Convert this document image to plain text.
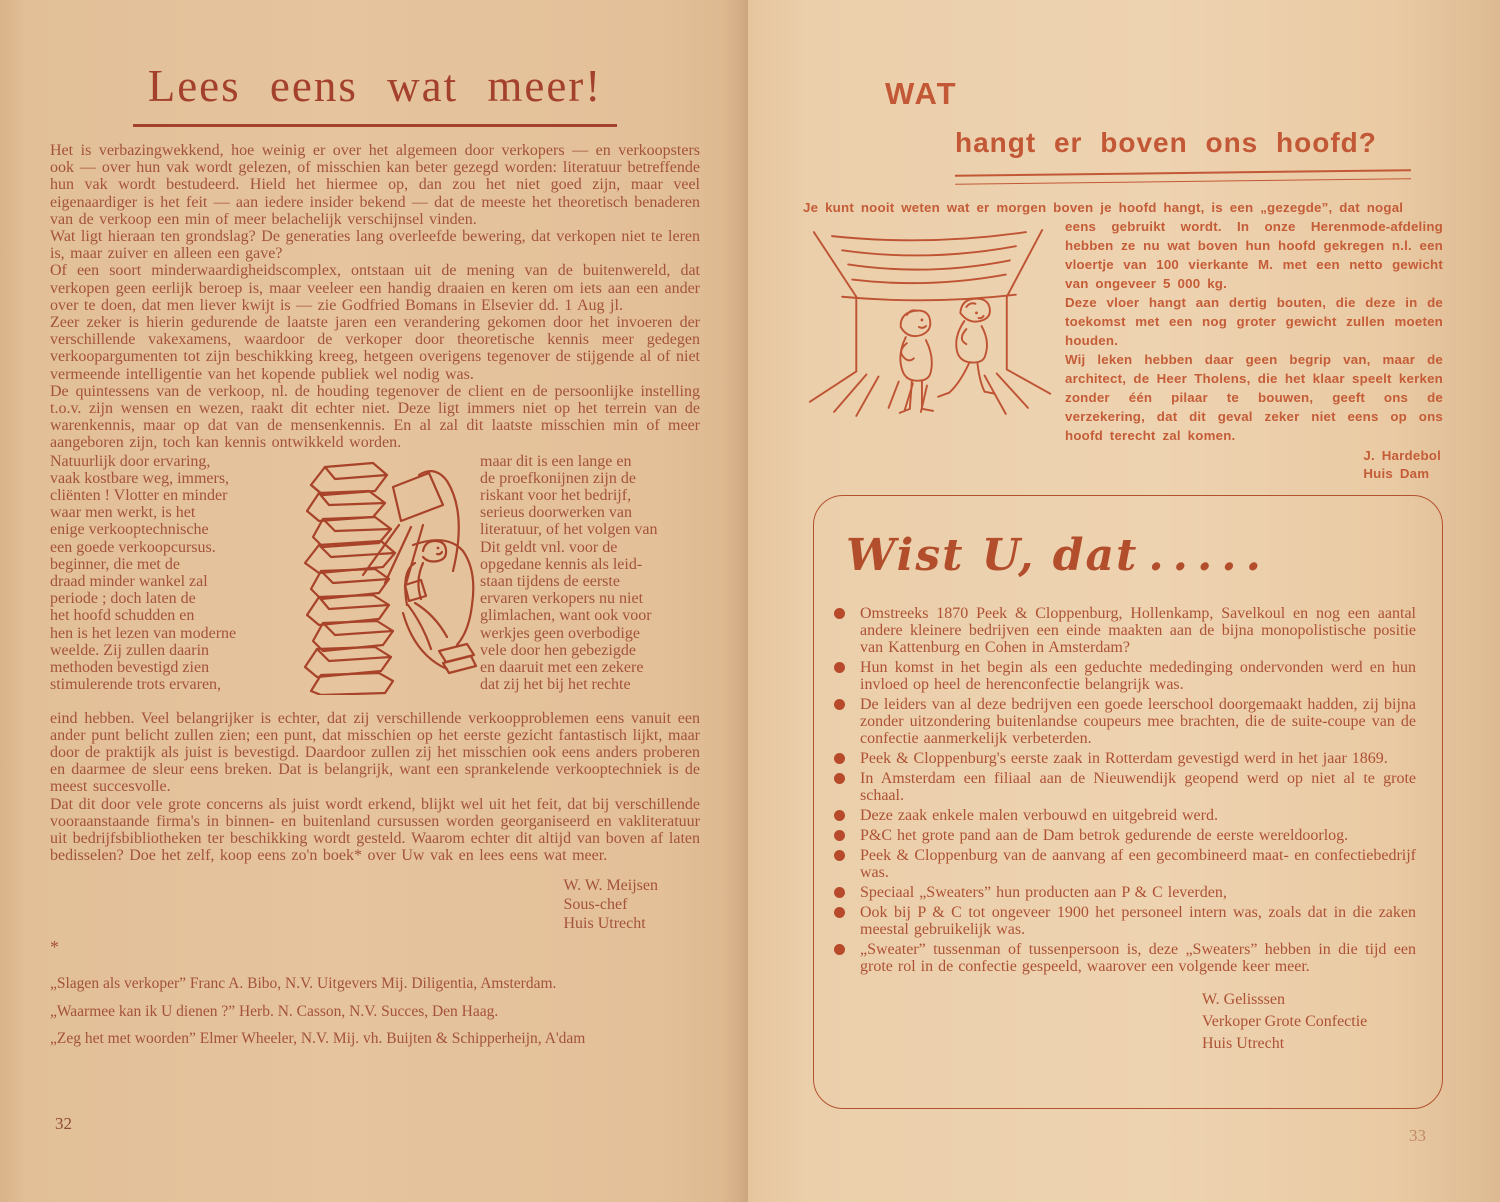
Lees eens wat meer!
Het is verbazingwekkend, hoe weinig er over het algemeen door verkopers — en verkoopsters ook — over hun vak wordt gelezen, of misschien kan beter gezegd worden: literatuur betreffende hun vak wordt bestudeerd. Hield het hiermee op, dan zou het niet goed zijn, maar veel eigenaardiger is het feit — aan iedere insider bekend — dat de meeste het theoretisch benaderen van de verkoop een min of meer belachelijk verschijnsel vinden.
Wat ligt hieraan ten grondslag? De generaties lang overleefde bewering, dat verkopen niet te leren is, maar zuiver en alleen een gave?
Of een soort minderwaardigheidscomplex, ontstaan uit de mening van de buitenwereld, dat verkopen geen eerlijk beroep is, maar veeleer een handig draaien en keren om iets aan een ander over te doen, dat men liever kwijt is — zie Godfried Bomans in Elsevier dd. 1 Aug jl.
Zeer zeker is hierin gedurende de laatste jaren een verandering gekomen door het invoeren der verschillende vakexamens, waardoor de verkoper door theoretische kennis meer gedegen verkoopargumenten tot zijn beschikking kreeg, hetgeen overigens tegenover de stijgende al of niet vermeende intelligentie van het kopende publiek wel nodig was.
De quintessens van de verkoop, nl. de houding tegenover de client en de persoonlijke instelling t.o.v. zijn wensen en wezen, raakt dit echter niet. Deze ligt immers niet op het terrein van de warenkennis, maar op dat van de mensenkennis. En al zal dit laatste misschien min of meer aangeboren zijn, toch kan kennis ontwikkeld worden.
Natuurlijk door ervaring,
vaak kostbare weg, immers,
cliënten ! Vlotter en minder
waar men werkt, is het
enige verkooptechnische
een goede verkoopcursus.
beginner, die met de
draad minder wankel zal
periode ; doch laten de
het hoofd schudden en
hen is het lezen van moderne
weelde. Zij zullen daarin
methoden bevestigd zien
stimulerende trots ervaren,
maar dit is een lange en
de proefkonijnen zijn de
riskant voor het bedrijf,
serieus doorwerken van
literatuur, of het volgen van
Dit geldt vnl. voor de
opgedane kennis als leid-
staan tijdens de eerste
ervaren verkopers nu niet
glimlachen, want ook voor
werkjes geen overbodige
vele door hen gebezigde
en daaruit met een zekere
dat zij het bij het rechte
eind hebben. Veel belangrijker is echter, dat zij verschillende verkoopproblemen eens vanuit een ander punt belicht zullen zien; een punt, dat misschien op het eerste gezicht fantastisch lijkt, maar door de praktijk als juist is bevestigd. Daardoor zullen zij het misschien ook eens anders proberen en daarmee de sleur eens breken. Dat is belangrijk, want een sprankelende verkooptechniek is de meest succesvolle.
Dat dit door vele grote concerns als juist wordt erkend, blijkt wel uit het feit, dat bij verschillende vooraanstaande firma's in binnen- en buitenland cursussen worden georganiseerd en vakliteratuur uit bedrijfsbibliotheken ter beschikking wordt gesteld. Waarom echter dit altijd van boven af laten bedisselen? Doe het zelf, koop eens zo'n boek* over Uw vak en lees eens wat meer.
W. W. Meijsen
Sous-chef
Huis Utrecht
*
„Slagen als verkoper” Franc A. Bibo, N.V. Uitgevers Mij. Diligentia, Amsterdam.
„Waarmee kan ik U dienen ?” Herb. N. Casson, N.V. Succes, Den Haag.
„Zeg het met woorden” Elmer Wheeler, N.V. Mij. vh. Buijten & Schipperheijn, A'dam
32
WAT
hangt er boven ons hoofd?
Je kunt nooit weten wat er morgen boven je hoofd hangt, is een „gezegde”, dat nogal

eens gebruikt wordt. In onze Herenmode-afdeling hebben ze nu wat boven hun hoofd gekregen n.l. een vloertje van 100 vierkante M. met een netto gewicht van ongeveer 5 000 kg.

Deze vloer hangt aan dertig bouten, die deze in de toekomst met een nog groter gewicht zullen moeten houden.

Wij leken hebben daar geen begrip van, maar de architect, de Heer Tholens, die het klaar speelt kerken zonder één pilaar te bouwen, geeft ons de verzekering, dat dit geval zeker niet eens op ons hoofd terecht zal komen.

J. Hardebol
Huis Dam
Wist U, dat .....
Omstreeks 1870 Peek & Cloppenburg, Hollenkamp, Savelkoul en nog een aantal andere kleinere bedrijven een einde maakten aan de bijna monopolistische positie van Kattenburg en Cohen in Amsterdam?
Hun komst in het begin als een geduchte mededinging ondervonden werd en hun invloed op heel de herenconfectie belangrijk was.
De leiders van al deze bedrijven een goede leerschool doorgemaakt hadden, zij bijna zonder uitzondering buitenlandse coupeurs mee brachten, die de suite-coupe van de confectie aanmerkelijk verbeterden.
Peek & Cloppenburg's eerste zaak in Rotterdam gevestigd werd in het jaar 1869.
In Amsterdam een filiaal aan de Nieuwendijk geopend werd op niet al te grote schaal.
Deze zaak enkele malen verbouwd en uitgebreid werd.
P&C het grote pand aan de Dam betrok gedurende de eerste wereldoorlog.
Peek & Cloppenburg van de aanvang af een gecombineerd maat- en confectiebedrijf was.
Speciaal „Sweaters” hun producten aan P & C leverden,
Ook bij P & C tot ongeveer 1900 het personeel intern was, zoals dat in die zaken meestal gebruikelijk was.
„Sweater” tussenman of tussenpersoon is, deze „Sweaters” hebben in die tijd een grote rol in de confectie gespeeld, waarover een volgende keer meer.
W. Gelisssen
Verkoper Grote Confectie
Huis Utrecht
33
